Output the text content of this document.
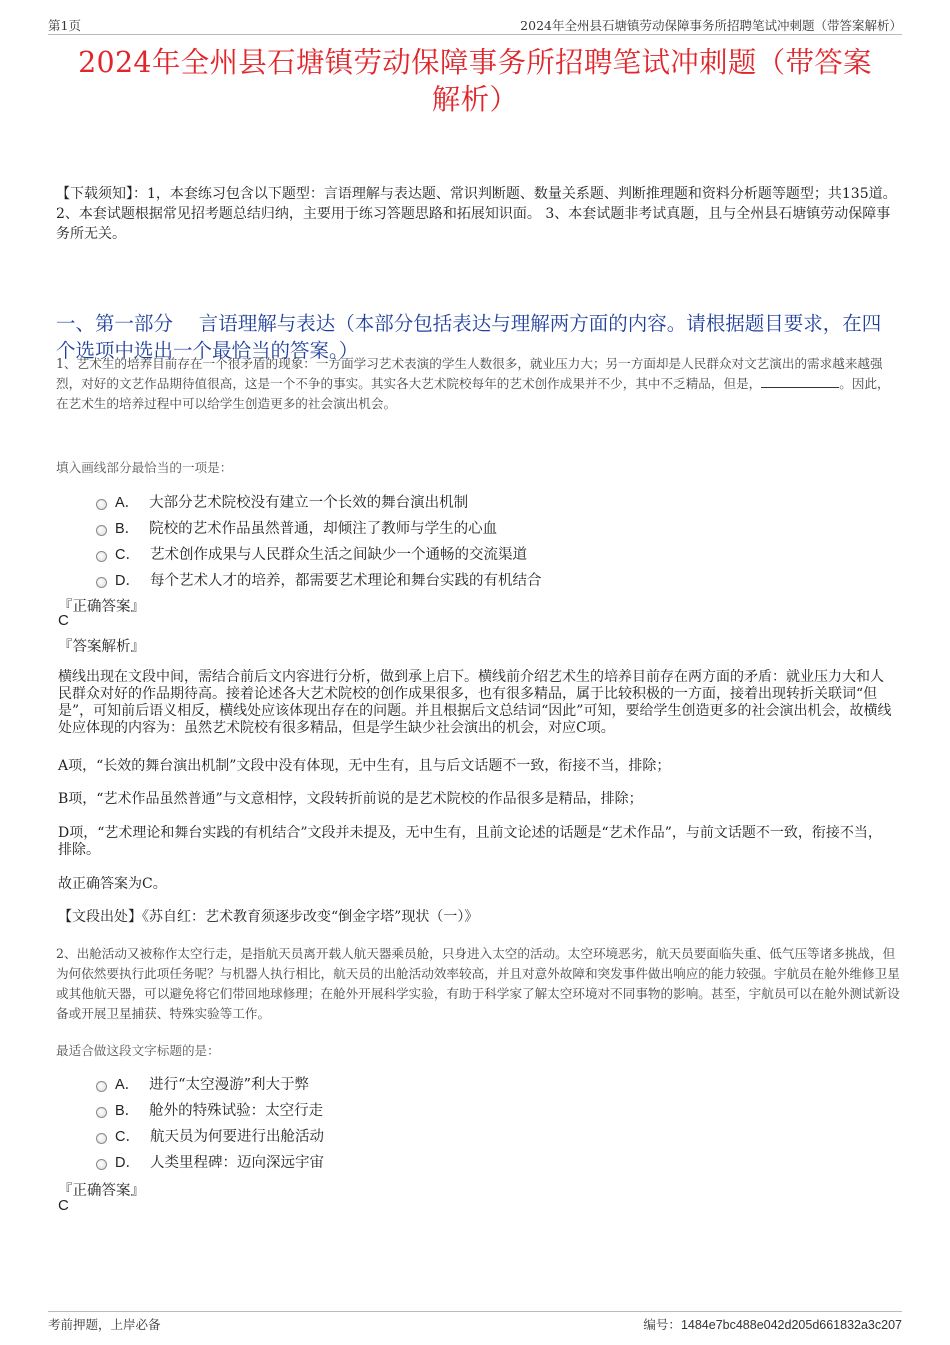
第1页	2024年全州县石塘镇劳动保障事务所招聘笔试冲刺题（带答案解析）
2024年全州县石塘镇劳动保障事务所招聘笔试冲刺题（带答案
解析）
【下载须知】：1，本套练习包含以下题型：言语理解与表达题、常识判断题、数量关系题、判断推理题和资料分析题等题型；共135道。 2、本套试题根据常见招考题总结归纳，主要用于练习答题思路和拓展知识面。 3、本套试题非考试真题，且与全州县石塘镇劳动保障事务所无关。
一、第一部分　 言语理解与表达（本部分包括表达与理解两方面的内容。请根据题目要求，在四个选项中选出一个最恰当的答案。）
1、艺术生的培养目前存在一个很矛盾的现象：一方面学习艺术表演的学生人数很多，就业压力大；另一方面却是人民群众对文艺演出的需求越来越强烈，对好的文艺作品期待值很高，这是一个不争的事实。其实各大艺术院校每年的艺术创作成果并不少，其中不乏精品，但是，	。因此，在艺术生的培养过程中可以给学生创造更多的社会演出机会。
填入画线部分最恰当的一项是：
A． 大部分艺术院校没有建立一个长效的舞台演出机制
B． 院校的艺术作品虽然普通，却倾注了教师与学生的心血
C． 艺术创作成果与人民群众生活之间缺少一个通畅的交流渠道
D． 每个艺术人才的培养，都需要艺术理论和舞台实践的有机结合
『正确答案』
C
『答案解析』
横线出现在文段中间，需结合前后文内容进行分析，做到承上启下。横线前介绍艺术生的培养目前存在两方面的矛盾：就业压力大和人民群众对好的作品期待高。接着论述各大艺术院校的创作成果很多，也有很多精品，属于比较积极的一方面，接着出现转折关联词“但是”，可知前后语义相反，横线处应该体现出存在的问题。并且根据后文总结词“因此”可知，要给学生创造更多的社会演出机会，故横线处应体现的内容为：虽然艺术院校有很多精品，但是学生缺少社会演出的机会，对应C项。
A项，“长效的舞台演出机制”文段中没有体现，无中生有，且与后文话题不一致，衔接不当，排除；
B项，“艺术作品虽然普通”与文意相悖，文段转折前说的是艺术院校的作品很多是精品，排除；
D项，“艺术理论和舞台实践的有机结合”文段并未提及，无中生有，且前文论述的话题是“艺术作品”，与前文话题不一致，衔接不当，排除。
故正确答案为C。
【文段出处】《苏自红：艺术教育须逐步改变“倒金字塔”现状（一）》
2、出舱活动又被称作太空行走，是指航天员离开载人航天器乘员舱，只身进入太空的活动。太空环境恶劣，航天员要面临失重、低气压等诸多挑战，但为何依然要执行此项任务呢？与机器人执行相比，航天员的出舱活动效率较高，并且对意外故障和突发事件做出响应的能力较强。宇航员在舱外维修卫星或其他航天器，可以避免将它们带回地球修理；在舱外开展科学实验，有助于科学家了解太空环境对不同事物的影响。甚至，宇航员可以在舱外测试新设备或开展卫星捕获、特殊实验等工作。
最适合做这段文字标题的是：
A． 进行“太空漫游”利大于弊
B． 舱外的特殊试验：太空行走
C． 航天员为何要进行出舱活动
D． 人类里程碑：迈向深远宇宙
『正确答案』
C
考前押题，上岸必备	编号：1484e7bc488e042d205d661832a3c207
